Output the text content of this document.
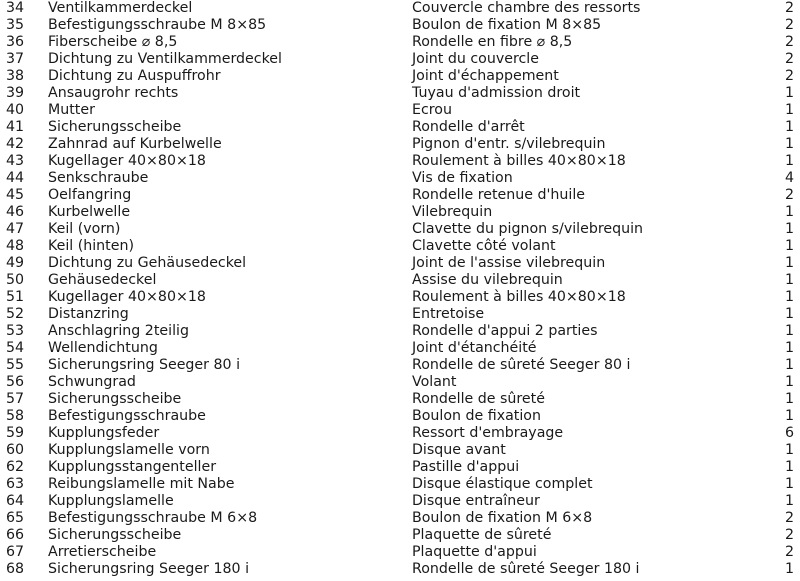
34 Ventilkammerdeckel	Couvercle chambre des ressorts	2
35 Befestigungsschraube M 8×85	Boulon de fixation M 8×85	2
36 Fiberscheibe ⌀ 8,5	Rondelle en fibre ⌀ 8,5	2
37 Dichtung zu Ventilkammerdeckel	Joint du couvercle	2
38 Dichtung zu Auspuffrohr	Joint d'échappement	2
39 Ansaugrohr rechts	Tuyau d'admission droit	1
40 Mutter	Ecrou	1
41 Sicherungsscheibe	Rondelle d'arrêt	1
42 Zahnrad auf Kurbelwelle	Pignon d'entr. s/vilebrequin	1
43 Kugellager 40×80×18	Roulement à billes 40×80×18	1
44 Senkschraube	Vis de fixation	4
45 Oelfangring	Rondelle retenue d'huile	2
46 Kurbelwelle	Vilebrequin	1
47 Keil (vorn)	Clavette du pignon s/vilebrequin	1
48 Keil (hinten)	Clavette côté volant	1
49 Dichtung zu Gehäusedeckel	Joint de l'assise vilebrequin	1
50 Gehäusedeckel	Assise du vilebrequin	1
51 Kugellager 40×80×18	Roulement à billes 40×80×18	1
52 Distanzring	Entretoise	1
53 Anschlagring 2teilig	Rondelle d'appui 2 parties	1
54 Wellendichtung	Joint d'étanchéité	1
55 Sicherungsring Seeger 80 i	Rondelle de sûreté Seeger 80 i	1
56 Schwungrad	Volant	1
57 Sicherungsscheibe	Rondelle de sûreté	1
58 Befestigungsschraube	Boulon de fixation	1
59 Kupplungsfeder	Ressort d'embrayage	6
60 Kupplungslamelle vorn	Disque avant	1
62 Kupplungsstangenteller	Pastille d'appui	1
63 Reibungslamelle mit Nabe	Disque élastique complet	1
64 Kupplungslamelle	Disque entraîneur	1
65 Befestigungsschraube M 6×8	Boulon de fixation M 6×8	2
66 Sicherungsscheibe	Plaquette de sûreté	2
67 Arretierscheibe	Plaquette d'appui	2
68 Sicherungsring Seeger 180 i	Rondelle de sûreté Seeger 180 i	1
